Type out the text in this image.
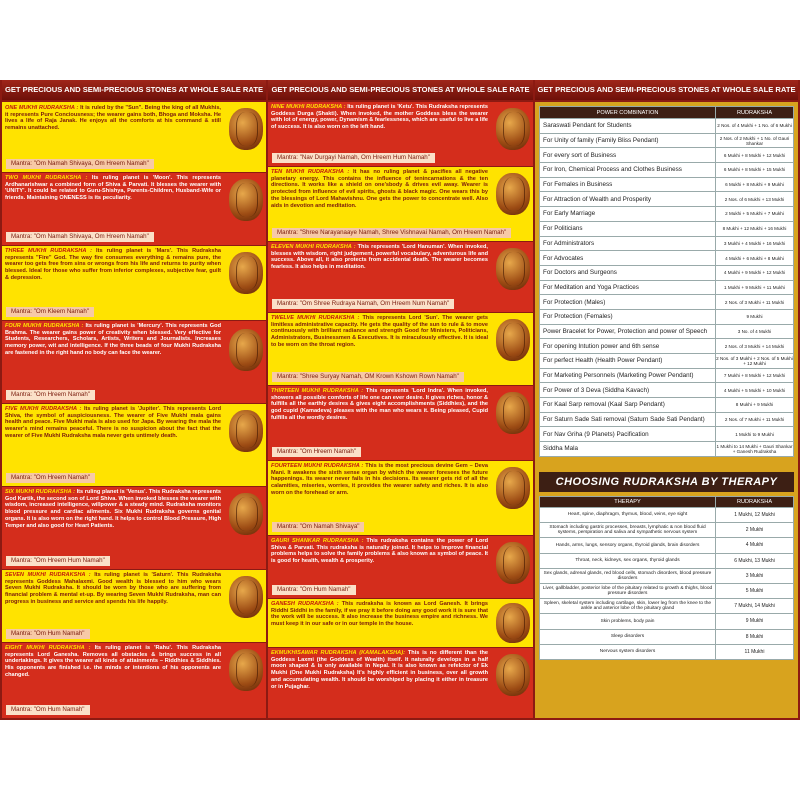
GET PRECIOUS AND SEMI-PRECIOUS STONES AT WHOLE SALE RATE	GET PRECIOUS AND SEMI-PRECIOUS STONES AT WHOLE SALE RATE	GET PRECIOUS AND SEMI-PRECIOUS STONES AT WHOLE SALE RATE
ONE MUKHI RUDRAKSHA : It is ruled by the "Sun". Being the king of all Mukhis, it represents Pure Conciousness; the wearer gains both, Bhoga and Moksha. He lives a life of Raja Janak. He enjoys all the comforts at his command & still remains unattached.
Mantra: "Om Namah Shivaya, Om Hreem Namah"
TWO MUKHI RUDRAKSHA : Its ruling planet is 'Moon'. This represents Ardhanarishwar a combined form of Shiva & Parvati. It blesses the wearer with 'UNITY'. It could be related to Guru-Shishya, Parents-Children, Husband-Wife or friends. Maintaining ONENESS is its peculiarity.
Mantra: "Om Namah Shivaya, Om Hreem Namah"
THREE MUKHI RUDRAKSHA : Its ruling planet is 'Mars'. This Rudraksha represents "Fire" God. The way fire consumes everything & remains pure, the wearer too gets free from sins or wrongs from his life and returns to purity when blessed. Ideal for those who suffer from inferior complexes, subjective fear, guilt & depression.
Mantra: "Om Kleem Namah"
FOUR MUKHI RUDRAKSHA : Its ruling planet is 'Mercury'. This represents God Brahma. The wearer gains power of creativity when blessed. Very effective for Students, Researchers, Scholars, Artists, Writers and Journalists. Increases memory power, wit and intelligence. If the three beads of four Mukhi Rudraksha are fastened in the right hand no body can face the wearer.
Mantra: "Om Hreem Namah"
FIVE MUKHI RUDRAKSHA : Its ruling planet is 'Jupiter'. This represents Lord Shiva, the symbol of auspiciousness. The wearer of Five Mukhi mala gains health and peace. Five Mukhi mala is also used for Japa. By wearing the mala the wearer's mind remains peaceful. There is no suspicion about the fact that the wearer of Five Mukhi Rudraksha mala never gets untimely death.
Mantra: "Om Hreem Namah"
SIX MUKHI RUDRAKSHA : Its ruling planet is 'Venus'. This Rudraksha represents God Kartik, the second son of Lord Shiva. When invoked blesses the wearer with wisdom, increased intelligence, willpower & a steady mind. Rudraksha monitors blood pressure and cardiac ailments. Six Mukhi Rudraksha governs genital organs. It is also worn on the right hand. It helps to control Blood Pressure, High Temper and also good for Heart Patients.
Mantra: "Om Hreem Hum Namah"
SEVEN MUKHI RUDRAKSHA : Its ruling planet is 'Saturn'. This Rudraksha represents Goddess Mahalaxmi. Good wealth is blessed to him who wears Seven Mukhi Rudraksha. It should be worn by those who are suffering from financial problem & mental et-up. By wearing Seven Mukhi Rudraksha, man can progress in business and service and spends his life happily.
Mantra: "Om Hum Namah"
EIGHT MUKHI RUDRAKSHA : Its ruling planet is 'Rahu'. This Rudraksha represents Lord Ganesha. Removes all obstacles & brings success in all undertakings. It gives the wearer all kinds of attainments – Riddhies & Siddhies. His opponents are finished i.e. the minds or intentions of his opponents are changed.
Mantra: "Om Hum Namah"
NINE MUKHI RUDRAKSHA : Its ruling planet is 'Ketu'. This Rudraksha represents Goddess Durga (Shakti). When invoked, the mother Goddess bless the wearer with lot of energy, power, Dynamism & fearlessness, which are useful to live a life of success. It is also worn on the left hand.
Mantra: "Nav Durgayi Namah, Om Hreem Hum Namah"
TEN MUKHI RUDRAKSHA : It has no ruling planet & pacifies all negative planetary energy. This contains the influence of tenincarnations & the ten directions. It works like a shield on one'sbody & drives evil away. Wearer is protected from influence of evil spirits, ghosts & black magic. One wears this by the blessings of Lord Mahavishnu. One gets the power to concentrate well. Also aids in devotion and meditation.
Mantra: "Shree Narayanaaye Namah, Shree Vishnavai Namah, Om Hreem Namah"
ELEVEN MUKHI RUDRAKSHA : This represents 'Lord Hanuman'. When invoked, blesses with wisdom, right judgement, powerful vocabulary, adventurous life and success. Above all, it also protects from accidental death. The wearer becomes fearless. It also helps in meditation.
Mantra: "Om Shree Rudraya Namah, Om Hreem Num Namah"
TWELVE MUKHI RUDRAKSHA : This represents Lord 'Sun'. The wearer gets limitless administrative capacity. He gets the quality of the sun to rule & to move continuously with brilliant radiance and strength Good for Ministers, Politicians, Administrators, Businessmen & Executives. It is miraculously effective. It is ideal to be worn on the throat region.
Mantra: "Shree Suryay Namah, OM Krown Kshown Rown Namah"
THIRTEEN MUKHI RUDRAKSHA : This represents 'Lord Indra'. When invoked, showers all possible comforts of life one can ever desire. It gives riches, honor & fulfills all the earthly desires & gives eight accomplishments (Siddhies), and the god cupid (Kamadeva) pleases with the man who wears it. Being pleased, Cupid fulfills all the wordly desires.
Mantra: "Om Hreem Namah"
FOURTEEN MUKHI RUDRAKSHA : This is the most precious devine Gem – Deva Mani. It awakens the sixth sense organ by which the wearer foresees the future happenings. Its wearer never fails in his decisions. Its wearer gets rid of all the calamities, miseries, worries, it provides the wearer safety and riches. It is also worn on the forehead or arm.
Mantra: "Om Namah Shivaya"
GAURI SHANKAR RUDRAKSHA : This rudraksha contains the power of Lord Shiva & Parvati. This rudraksha is naturally joined. It helps to improve financial problems helps to solve the family problems & also known as symbol of peace. It is good for health, wealth & prosperity.
Mantra: "Om Hum Namah"
GANESH RUDRAKSHA : This rudraksha is known as Lord Ganesh. It brings Riddhi Siddhi in the family, if we pray it before doing any good work it is sure that the work will be success. It also increase the business empire and richness. We must keep it in our safe or in our temple in the house.
EKMUKHISAWAR RUDRAKSHA (KAMALAKSHA): This is no different than the Goddess Laxmi (the Goddess of Wealth) itself. It naturally develops in a half moon shaped & is only available in Nepal. It is also known as refelctor of Ek Mukhi (One Mukhi Rudraksha) It's highly efficient in business, over all growth and accumulating wealth. It should be worshiped by placing it either in treasure or in Pujaghar.
POWER COMBINATION	RUDRAKSHA
Saraswati Pendant for Students	2 Nos. of 4 Mukhi + 1 No. of 6 Mukhi
For Unity of family (Family Bliss Pendant)	2 Nos. of 2 Mukhi + 1 No. of Gauri Shankar
For every sort of Business	6 Mukhi + 8 Mukhi + 12 Mukhi
For Iron, Chemical Process and Clothes Business	6 Mukhi + 8 Mukhi + 15 Mukhi
For Females in Business	6 Mukhi + 8 Mukhi + 9 Mukhi
For Attraction of Wealth and Prosperity	2 Nos. of 6 Mukhi + 13 Mukhi
For Early Marriage	2 Mukhi + 5 Mukhi + 7 Mukhi
For Politicians	8 Mukhi + 12 Mukhi + 16 Mukhi
For Administrators	3 Mukhi + 4 Mukhi + 16 Mukhi
For Advocates	4 Mukhi + 6 Mukhi + 8 Mukhi
For Doctors and Surgeons	4 Mukhi + 9 Mukhi + 12 Mukhi
For Meditation and Yoga Practices	1 Mukhi + 9 Mukhi + 11 Mukhi
For Protection (Males)	2 Nos. of 3 Mukhi + 11 Mukhi
For Protection (Females)	9 Mukhi
Power Bracelet for Power, Protection and power of Speech	3 No. of 4 Mukhi
For opening Intution power and 6th sense	2 Nos. of 3 Mukhi + 14 Mukhi
For perfect Health (Health Power Pendant)	2 Nos. of 3 Mukhi + 2 Nos. of 5 Mukhi + 12 Mukhi
For Marketing Personnels (Marketing Power Pendant)	7 Mukhi + 8 Mukhi + 12 Mukhi
For Power of 3 Deva (Siddha Kavach)	4 Mukhi + 5 Mukhi + 10 Mukhi
For Kaal Sarp removal (Kaal Sarp Pendant)	8 Mukhi + 9 Mukhi
For Saturn Sade Sati removal (Saturn Sade Sati Pendant)	2 Nos. of 7 Mukhi + 11 Mukhi
For Nav Griha (9 Planets) Pacification	1 Mukhi to 9 Mukhi
Siddha Mala	1 Mukhi to 14 Mukhi + Gauri Shankar + Ganesh Rudraksha
CHOOSING RUDRAKSHA BY THERAPY
THERAPY	RUDRAKSHA
Heart, spine, diaphragm, thymus, blood, veins, eye sight	1 Mukhi, 12 Mukhi
Stomach including gastric processes, breasts, lymphatic & non blood fluid systems, perspiration and saliva and sympathetic nervous system	2 Mukhi
Hands, arms, lungs, sensory organs, thyroid glands, brain disorders	4 Mukhi
Throat, neck, kidneys, sex organs, thyroid glands	6 Mukhi, 13 Mukhi
Sex glands, adrenal glands, red blood cells, stomach disorders, blood pressure disorders	3 Mukhi
Liver, gallbladder, posterior lobe of the pituitary related to growth & thighs, blood pressure disorders	5 Mukhi
Spleen, skeletal system including cartilage, skin, lower leg from the knee to the ankle and anterior lobe of the pituitary gland	7 Mukhi, 14 Mukhi
Skin problems, body pain	9 Mukhi
Sleep disorders	8 Mukhi
Nervous system disorders	11 Mukhi
